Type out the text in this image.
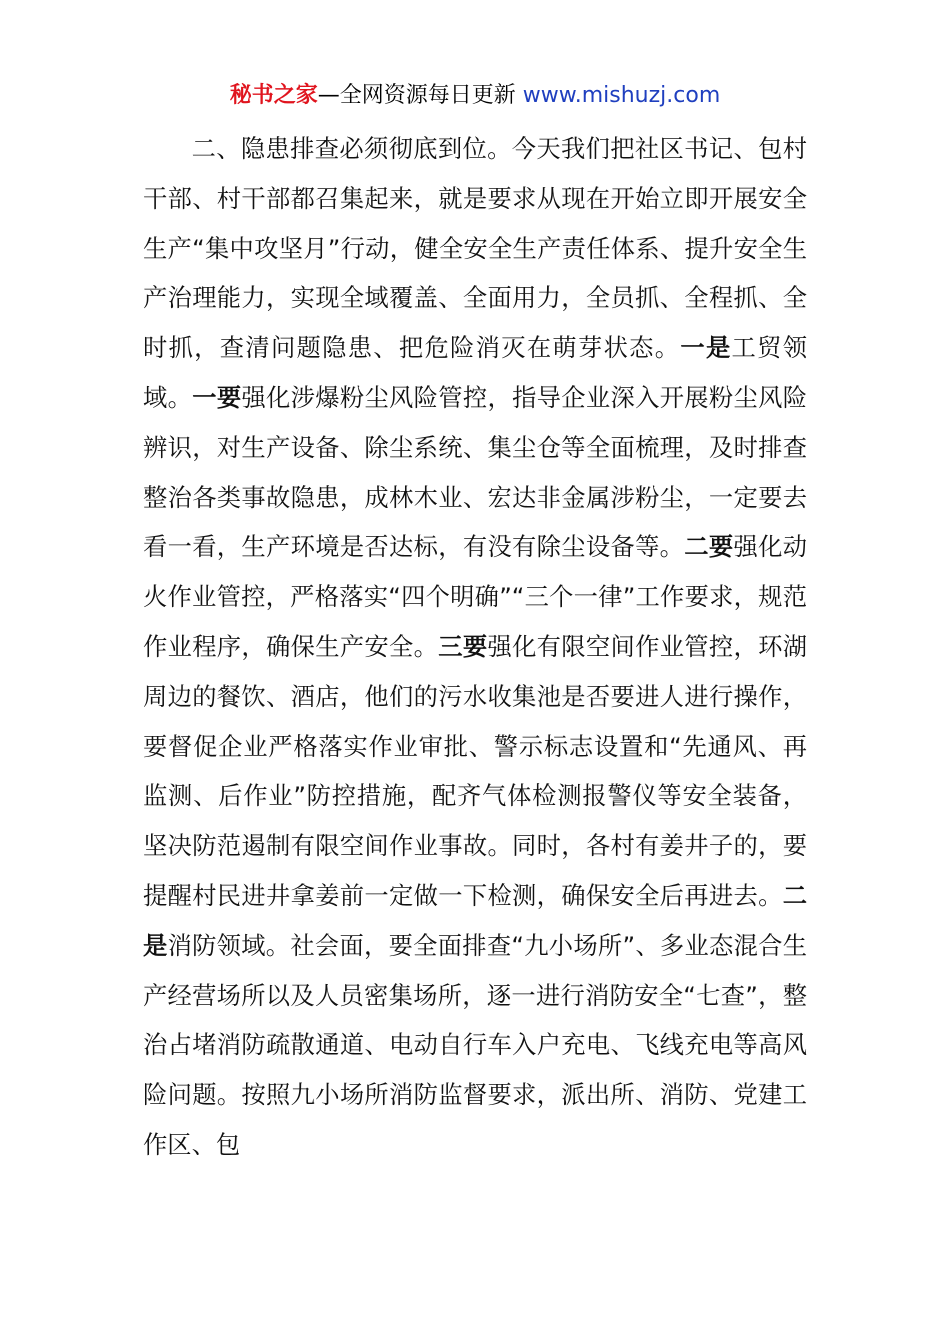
秘书之家—全网资源每日更新 www.mishuzj.com

二、隐患排查必须彻底到位。今天我们把社区书记、包村干部、村干部都召集起来，就是要求从现在开始立即开展安全生产“集中攻坚月”行动，健全安全生产责任体系、提升安全生产治理能力，实现全域覆盖、全面用力，全员抓、全程抓、全时抓，查清问题隐患、把危险消灭在萌芽状态。一是工贸领域。一要强化涉爆粉尘风险管控，指导企业深入开展粉尘风险辨识，对生产设备、除尘系统、集尘仓等全面梳理，及时排查整治各类事故隐患，成林木业、宏达非金属涉粉尘，一定要去看一看，生产环境是否达标，有没有除尘设备等。二要强化动火作业管控，严格落实“四个明确”“三个一律”工作要求，规范作业程序，确保生产安全。三要强化有限空间作业管控，环湖周边的餐饮、酒店，他们的污水收集池是否要进人进行操作，要督促企业严格落实作业审批、警示标志设置和“先通风、再监测、后作业”防控措施，配齐气体检测报警仪等安全装备，坚决防范遏制有限空间作业事故。同时，各村有姜井子的，要提醒村民进井拿姜前一定做一下检测，确保安全后再进去。二是消防领域。社会面，要全面排查“九小场所”、多业态混合生产经营场所以及人员密集场所，逐一进行消防安全“七查”，整治占堵消防疏散通道、电动自行车入户充电、飞线充电等高风险问题。按照九小场所消防监督要求，派出所、消防、党建工作区、包
